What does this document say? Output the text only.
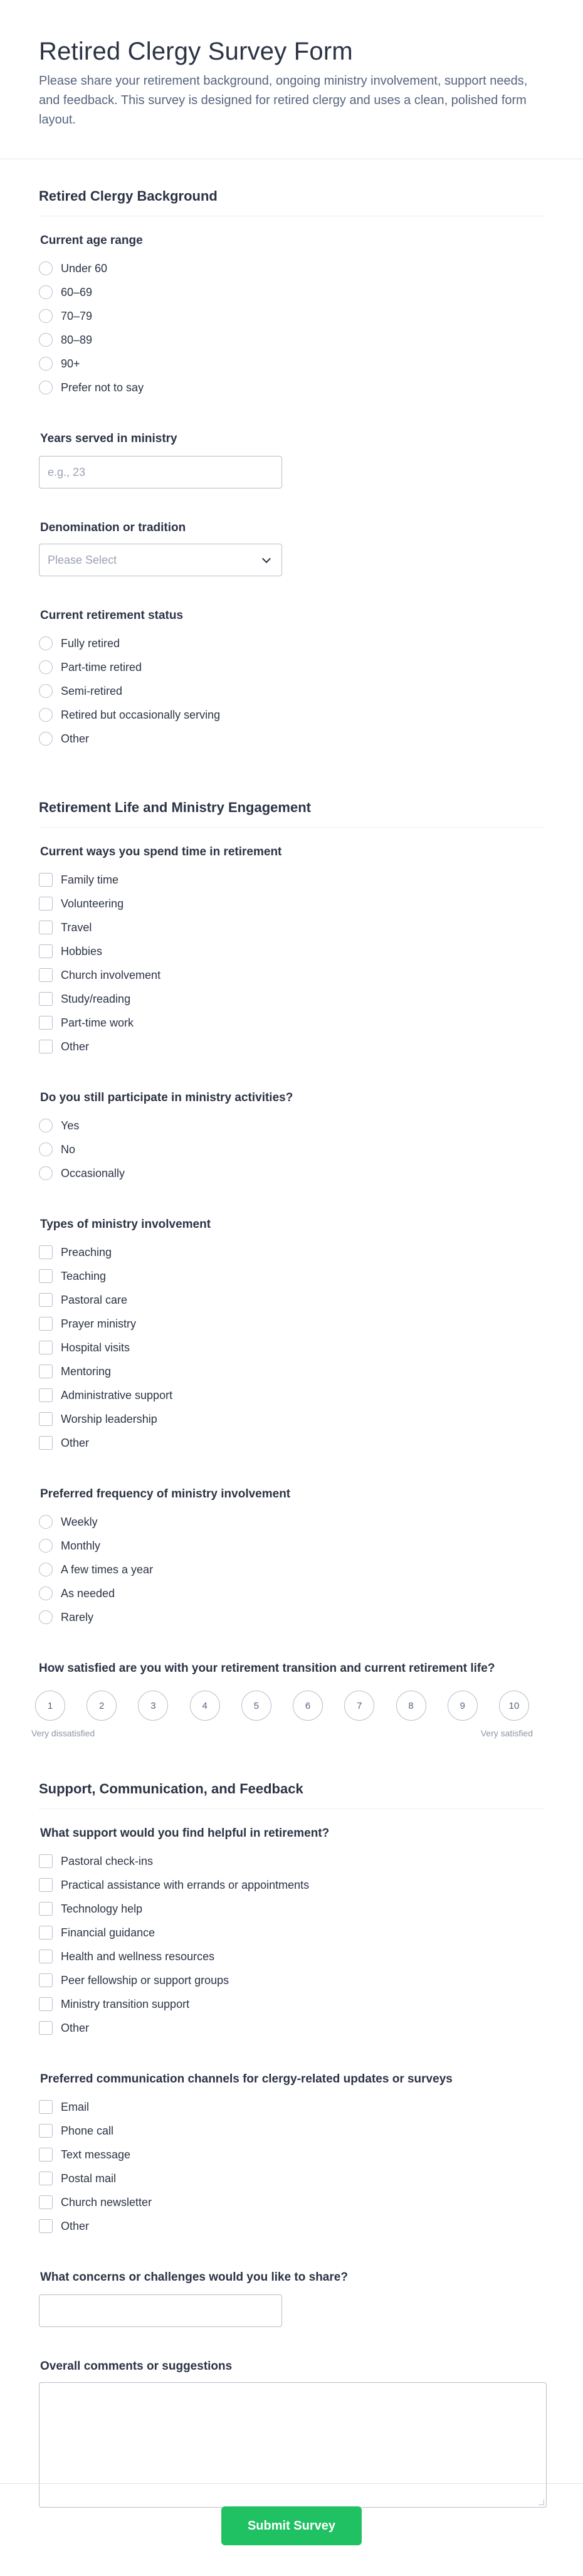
Retired Clergy Survey Form

Please share your retirement background, ongoing ministry involvement, support needs, and feedback. This survey is designed for retired clergy and uses a clean, polished form layout.

Retired Clergy Background
Current age range
Under 60
60–69
70–79
80–89
90+
Prefer not to say
Years served in ministry
e.g., 23
Denomination or tradition
Please Select
Current retirement status
Fully retired
Part-time retired
Semi-retired
Retired but occasionally serving
Other
Retirement Life and Ministry Engagement
Current ways you spend time in retirement
Family time
Volunteering
Travel
Hobbies
Church involvement
Study/reading
Part-time work
Other
Do you still participate in ministry activities?
Yes
No
Occasionally
Types of ministry involvement
Preaching
Teaching
Pastoral care
Prayer ministry
Hospital visits
Mentoring
Administrative support
Worship leadership
Other
Preferred frequency of ministry involvement
Weekly
Monthly
A few times a year
As needed
Rarely
How satisfied are you with your retirement transition and current retirement life?
1	2	3	4	5	6	7	8	9	10
Very dissatisfied	Very satisfied
Support, Communication, and Feedback
What support would you find helpful in retirement?
Pastoral check-ins
Practical assistance with errands or appointments
Technology help
Financial guidance
Health and wellness resources
Peer fellowship or support groups
Ministry transition support
Other
Preferred communication channels for clergy-related updates or surveys
Email
Phone call
Text message
Postal mail
Church newsletter
Other
What concerns or challenges would you like to share?
Overall comments or suggestions
Submit Survey
